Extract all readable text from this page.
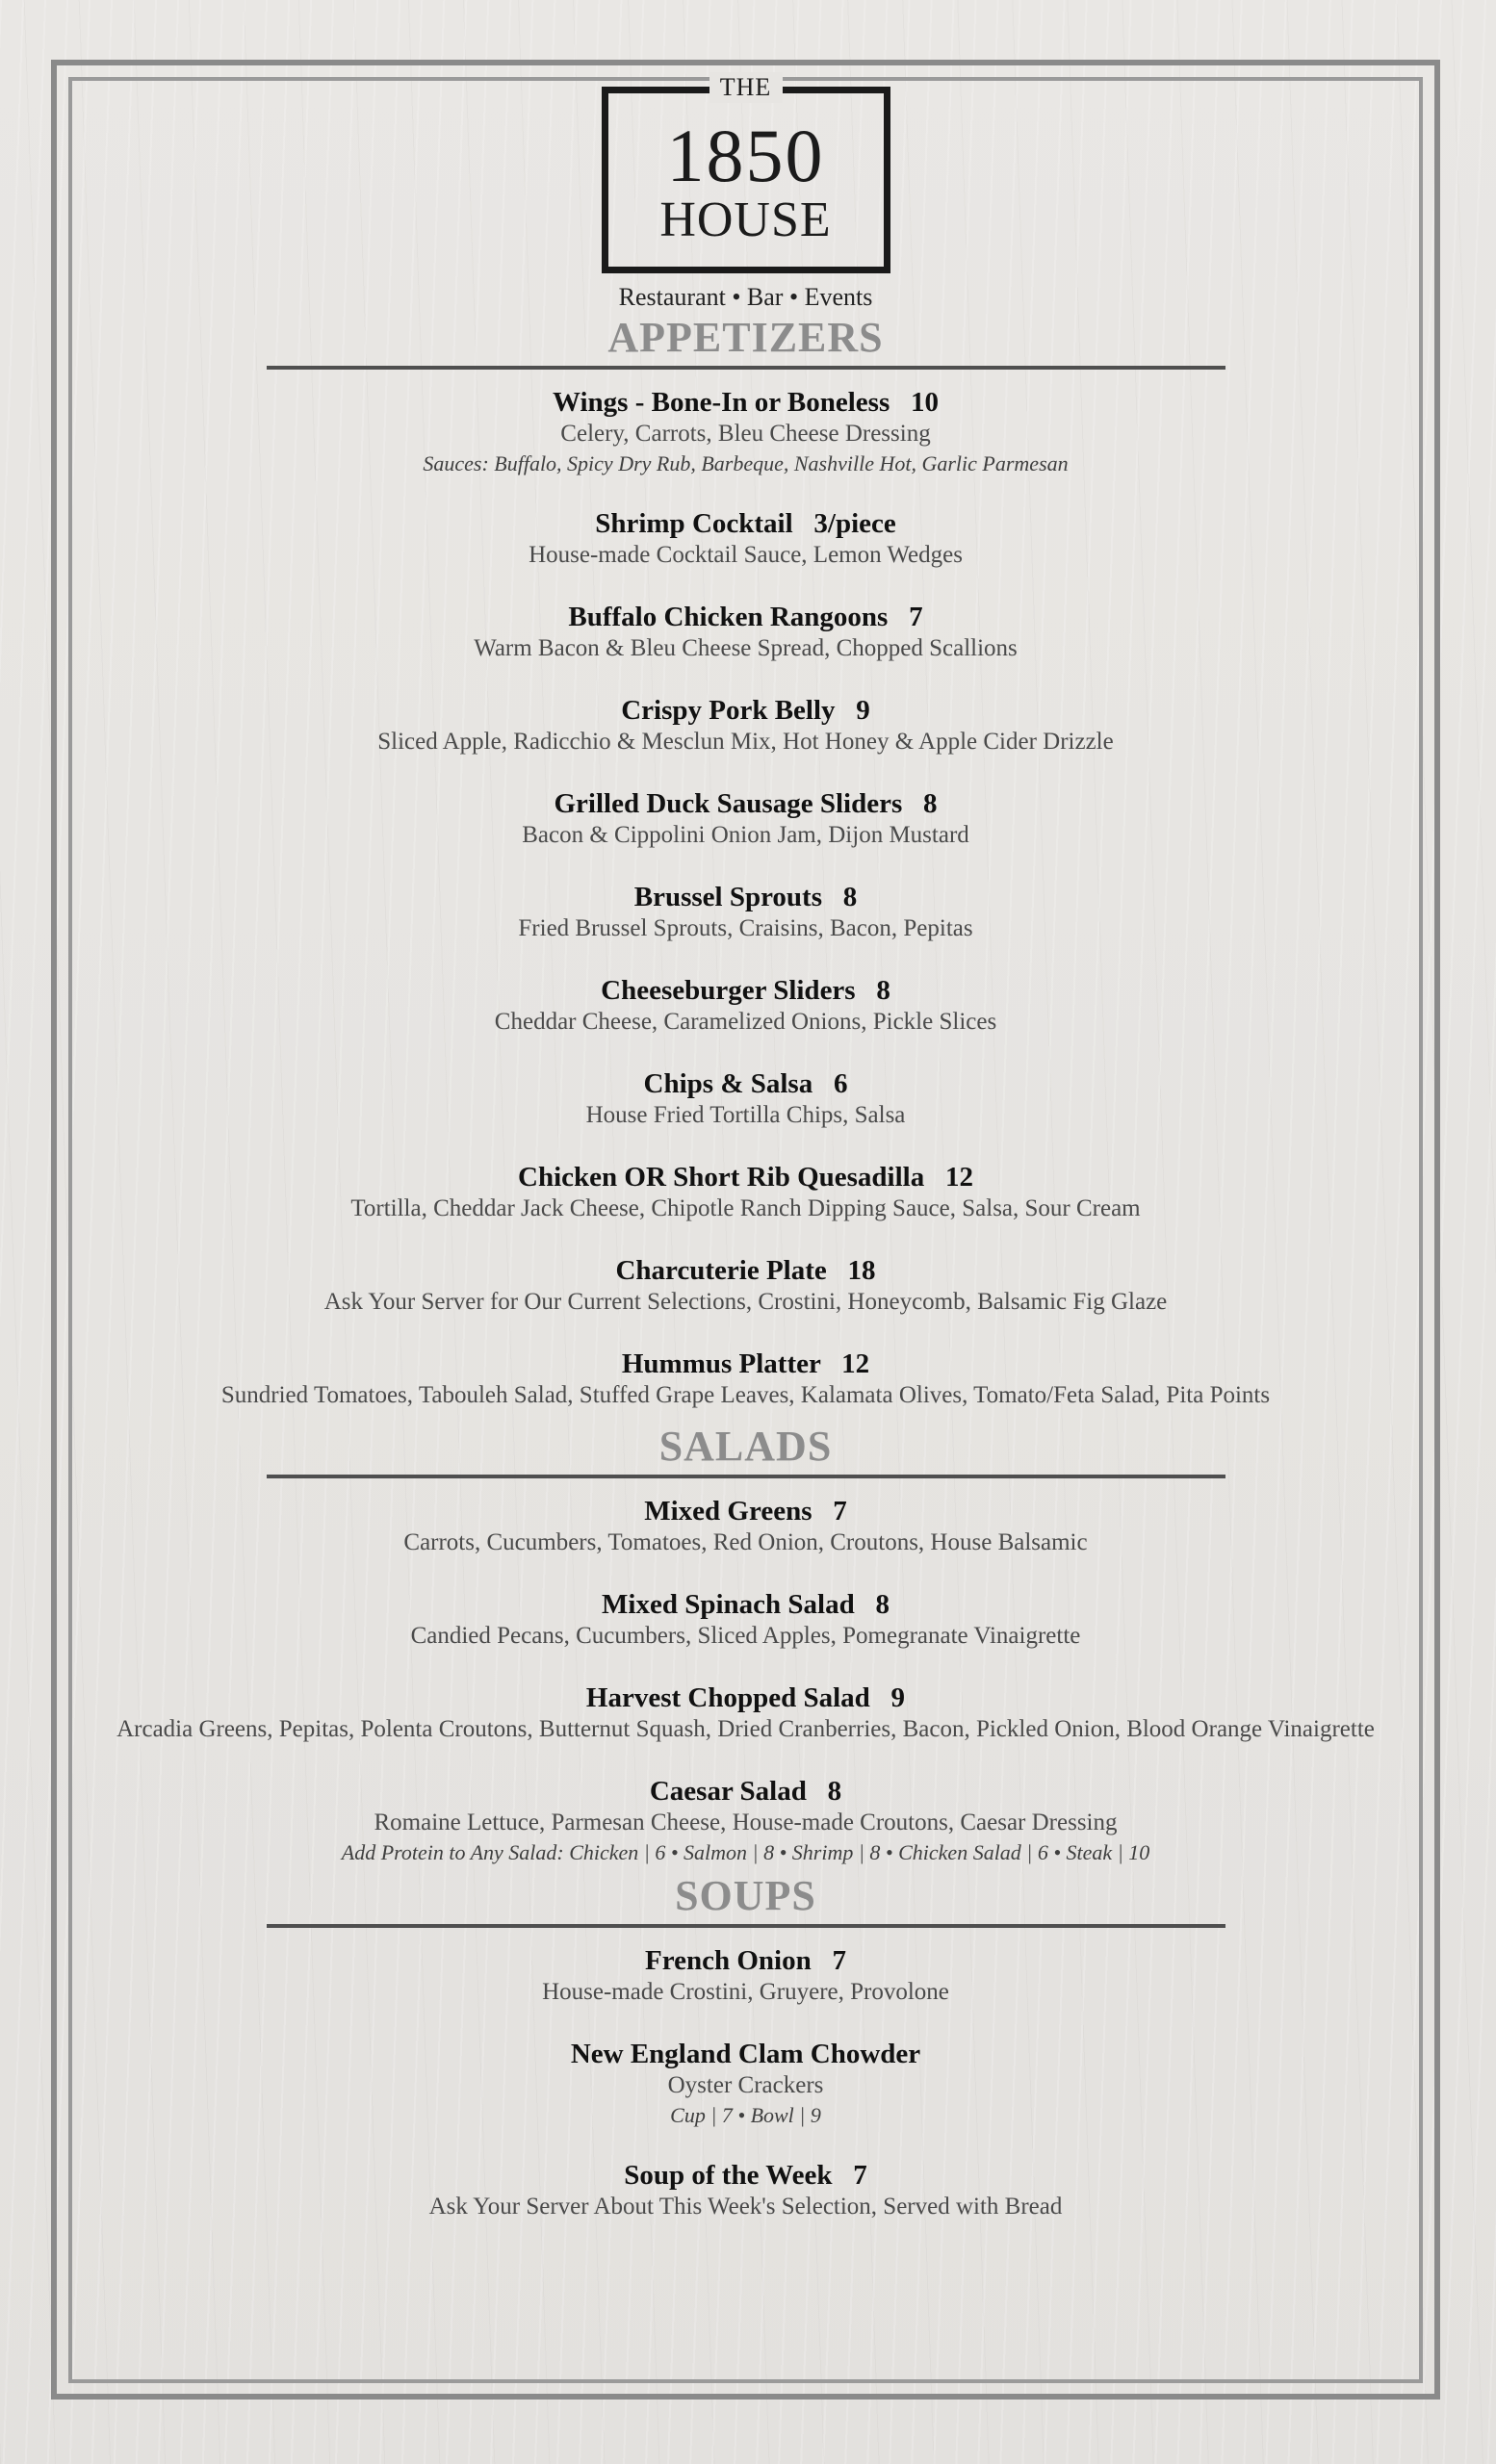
THE
1850
HOUSE
Restaurant • Bar • Events
APPETIZERS
Wings - Bone-In or Boneless   10
Celery, Carrots, Bleu Cheese Dressing
Sauces: Buffalo, Spicy Dry Rub, Barbeque, Nashville Hot, Garlic Parmesan
Shrimp Cocktail   3/piece
House-made Cocktail Sauce, Lemon Wedges
Buffalo Chicken Rangoons   7
Warm Bacon & Bleu Cheese Spread, Chopped Scallions
Crispy Pork Belly   9
Sliced Apple, Radicchio & Mesclun Mix, Hot Honey & Apple Cider Drizzle
Grilled Duck Sausage Sliders   8
Bacon & Cippolini Onion Jam, Dijon Mustard
Brussel Sprouts   8
Fried Brussel Sprouts, Craisins, Bacon, Pepitas
Cheeseburger Sliders   8
Cheddar Cheese, Caramelized Onions, Pickle Slices
Chips & Salsa   6
House Fried Tortilla Chips, Salsa
Chicken OR Short Rib Quesadilla   12
Tortilla, Cheddar Jack Cheese, Chipotle Ranch Dipping Sauce, Salsa, Sour Cream
Charcuterie Plate   18
Ask Your Server for Our Current Selections, Crostini, Honeycomb, Balsamic Fig Glaze
Hummus Platter   12
Sundried Tomatoes, Tabouleh Salad, Stuffed Grape Leaves, Kalamata Olives, Tomato/Feta Salad, Pita Points
SALADS
Mixed Greens   7
Carrots, Cucumbers, Tomatoes, Red Onion, Croutons, House Balsamic
Mixed Spinach Salad   8
Candied Pecans, Cucumbers, Sliced Apples, Pomegranate Vinaigrette
Harvest Chopped Salad   9
Arcadia Greens, Pepitas, Polenta Croutons, Butternut Squash, Dried Cranberries, Bacon, Pickled Onion, Blood Orange Vinaigrette
Caesar Salad   8
Romaine Lettuce, Parmesan Cheese, House-made Croutons, Caesar Dressing
Add Protein to Any Salad: Chicken | 6 • Salmon | 8 • Shrimp | 8 • Chicken Salad | 6 • Steak | 10
SOUPS
French Onion   7
House-made Crostini, Gruyere, Provolone
New England Clam Chowder
Oyster Crackers
Cup | 7 • Bowl | 9
Soup of the Week   7
Ask Your Server About This Week's Selection, Served with Bread
